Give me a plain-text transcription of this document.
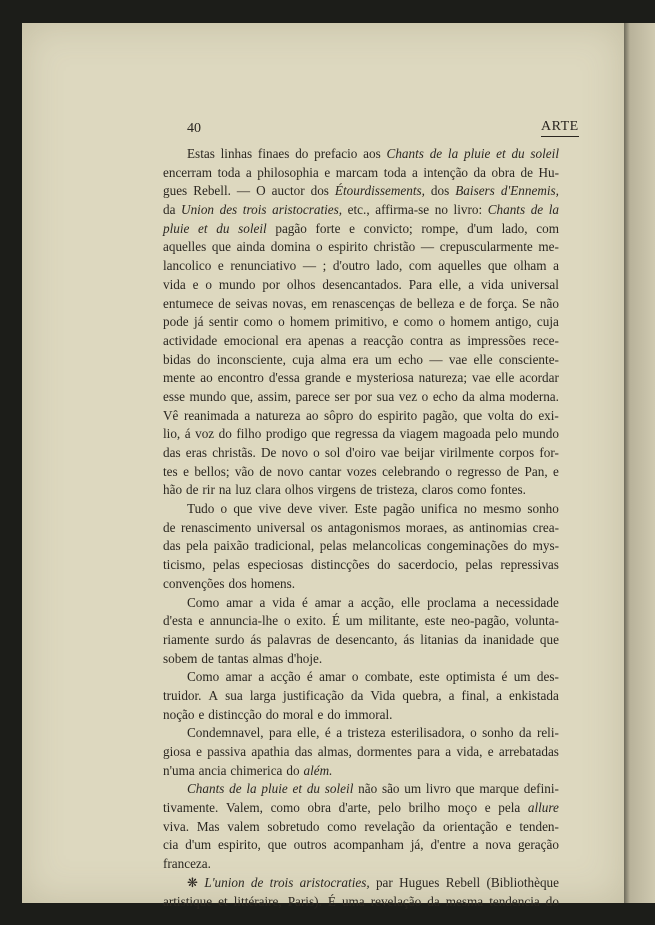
40	ARTE
Estas linhas finaes do prefacio aos Chants de la pluie et du soleil
encerram toda a philosophia e marcam toda a intenção da obra de Hu-
gues Rebell. — O auctor dos Étourdissements, dos Baisers d'Ennemis,
da Union des trois aristocraties, etc., affirma-se no livro: Chants de la
pluie et du soleil pagão forte e convicto; rompe, d'um lado, com
aquelles que ainda domina o espirito christão — crepuscularmente me-
lancolico e renunciativo — ; d'outro lado, com aquelles que olham a
vida e o mundo por olhos desencantados. Para elle, a vida universal
entumece de seivas novas, em renascenças de belleza e de força. Se não
pode já sentir como o homem primitivo, e como o homem antigo, cuja
actividade emocional era apenas a reacção contra as impressões rece-
bidas do inconsciente, cuja alma era um echo — vae elle consciente-
mente ao encontro d'essa grande e mysteriosa natureza; vae elle acordar
esse mundo que, assim, parece ser por sua vez o echo da alma moderna.
Vê reanimada a natureza ao sôpro do espirito pagão, que volta do exi-
lio, á voz do filho prodigo que regressa da viagem magoada pelo mundo
das eras christãs. De novo o sol d'oiro vae beijar virilmente corpos for-
tes e bellos; vão de novo cantar vozes celebrando o regresso de Pan, e
hão de rir na luz clara olhos virgens de tristeza, claros como fontes.
Tudo o que vive deve viver. Este pagão unifica no mesmo sonho
de renascimento universal os antagonismos moraes, as antinomias crea-
das pela paixão tradicional, pelas melancolicas congeminações do mys-
ticismo, pelas especiosas distincções do sacerdocio, pelas repressivas
convenções dos homens.
Como amar a vida é amar a acção, elle proclama a necessidade
d'esta e annuncia-lhe o exito. É um militante, este neo-pagão, volunta-
riamente surdo ás palavras de desencanto, ás litanias da inanidade que
sobem de tantas almas d'hoje.
Como amar a acção é amar o combate, este optimista é um des-
truidor. A sua larga justificação da Vida quebra, a final, a enkistada
noção e distincção do moral e do immoral.
Condemnavel, para elle, é a tristeza esterilisadora, o sonho da reli-
giosa e passiva apathia das almas, dormentes para a vida, e arrebatadas
n'uma ancia chimerica do além.
Chants de la pluie et du soleil não são um livro que marque defini-
tivamente. Valem, como obra d'arte, pelo brilho moço e pela allure
viva. Mas valem sobretudo como revelação da orientação e tenden-
cia d'um espirito, que outros acompanham já, d'entre a nova geração
franceza.
❋ L'union de trois aristocraties, par Hugues Rebell (Bibliothèque
artistique et littéraire, Paris). É uma revelação da mesma tendencia do
